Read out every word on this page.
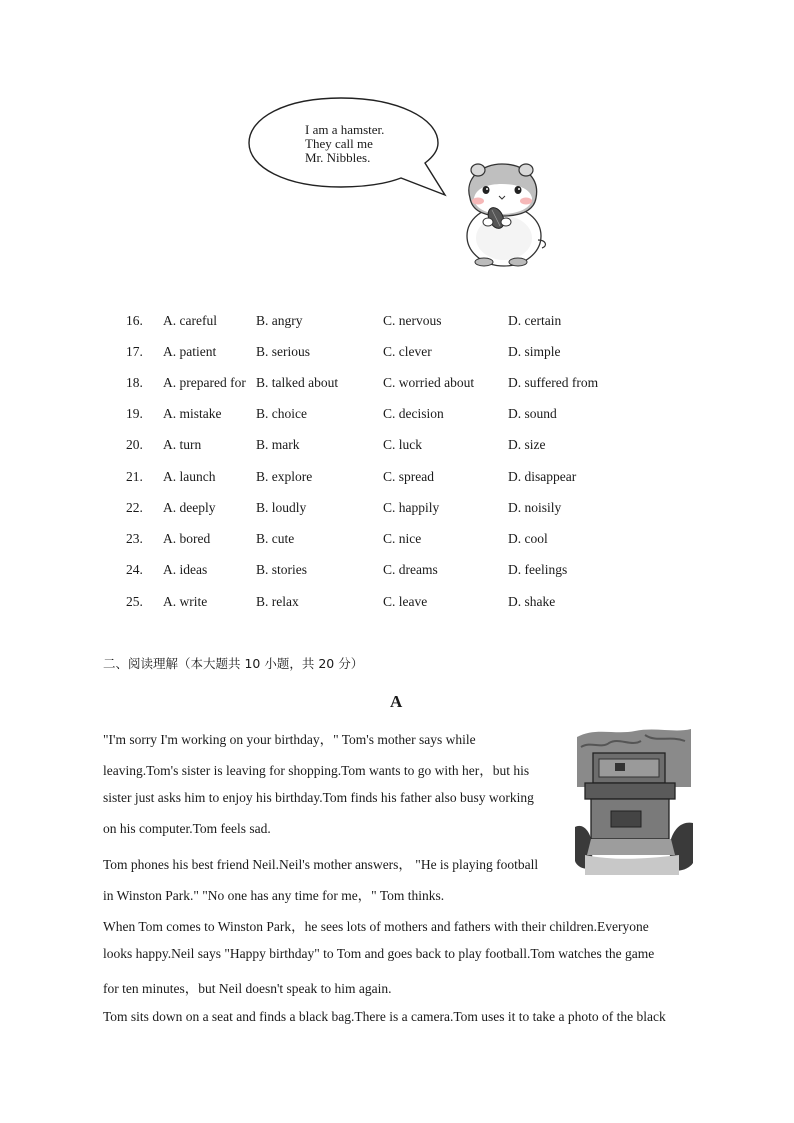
I am a hamster.
They call me
Mr. Nibbles.
16. A. careful	B. angry	C. nervous	D. certain
17. A. patient	B. serious	C. clever	D. simple
18. A. prepared for B. talked about	C. worried about	D. suffered from
19. A. mistake	B. choice	C. decision	D. sound
20. A. turn	B. mark	C. luck	D. size
21. A. launch	B. explore	C. spread	D. disappear
22. A. deeply	B. loudly	C. happily	D. noisily
23. A. bored	B. cute	C. nice	D. cool
24. A. ideas	B. stories	C. dreams	D. feelings
25. A. write	B. relax	C. leave	D. shake
二、阅读理解（本大题共 10 小题，共 20 分）
A
"I'm sorry I'm working on your birthday，" Tom's mother says while
leaving.Tom's sister is leaving for shopping.Tom wants to go with her，but his
sister just asks him to enjoy his birthday.Tom finds his father also busy working
on his computer.Tom feels sad.
Tom phones his best friend Neil.Neil's mother answers， "He is playing football
in Winston Park." "No one has any time for me，" Tom thinks.
When Tom comes to Winston Park，he sees lots of mothers and fathers with their children.Everyone
looks happy.Neil says "Happy birthday" to Tom and goes back to play football.Tom watches the game
for ten minutes，but Neil doesn't speak to him again.
Tom sits down on a seat and finds a black bag.There is a camera.Tom uses it to take a photo of the black
